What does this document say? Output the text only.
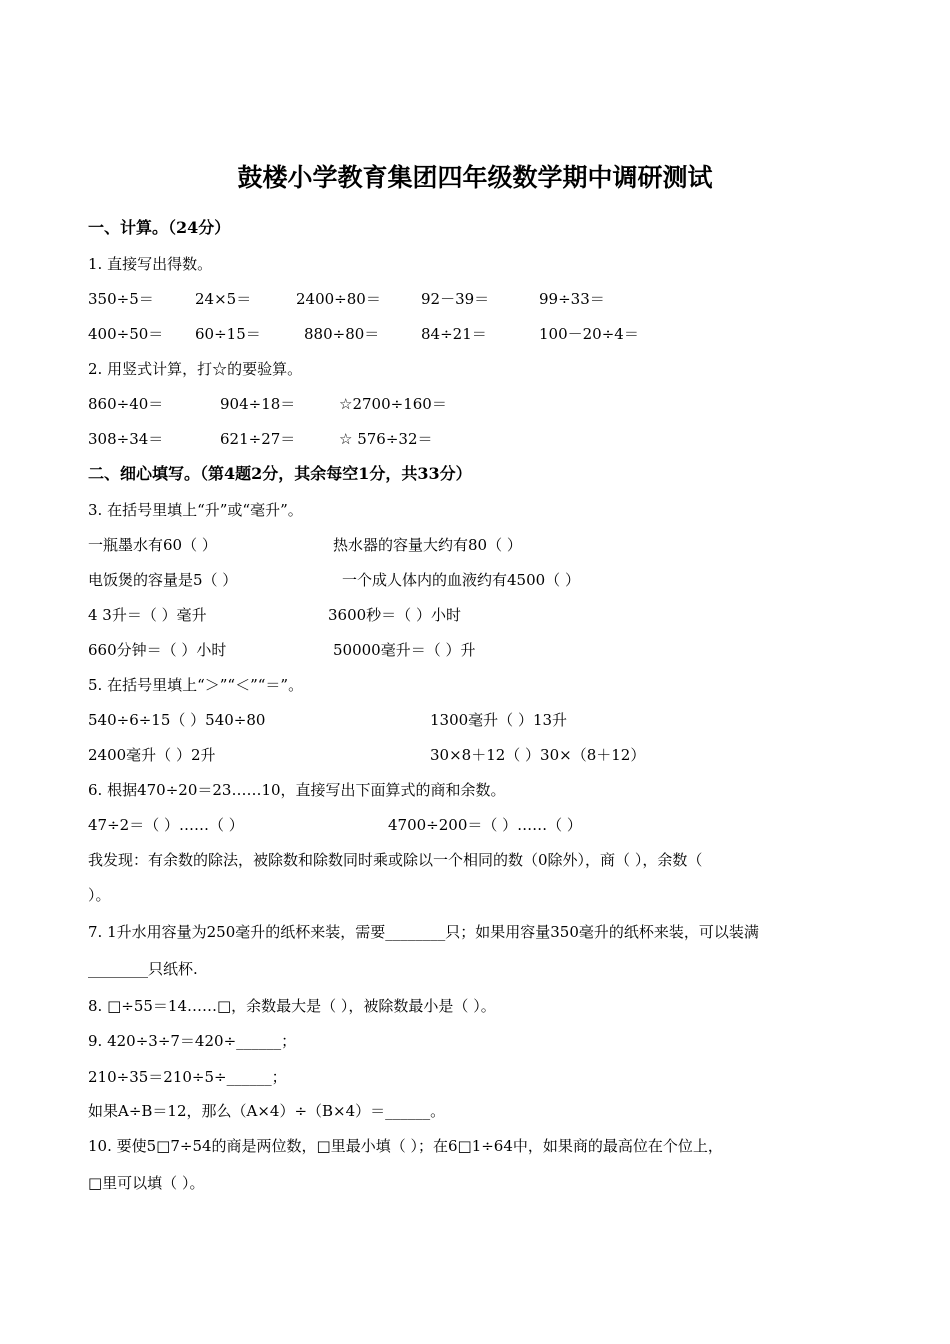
鼓楼小学教育集团四年级数学期中调研测试
一、计算。（24分）
1. 直接写出得数。
350÷5＝	24×5＝	2400÷80＝	92－39＝	99÷33＝
400÷50＝ 60÷15＝	880÷80＝	84÷21＝	100－20÷4＝
2. 用竖式计算，打☆的要验算。
860÷40＝	904÷18＝	☆2700÷160＝
308÷34＝	621÷27＝	☆ 576÷32＝
二、细心填写。（第4题2分，其余每空1分，共33分）
3. 在括号里填上“升”或“毫升”。
一瓶墨水有60（ ）	热水器的容量大约有80（ ）
电饭煲的容量是5（ ）	一个成人体内的血液约有4500（ ）
4 3升＝（ ）毫升	3600秒＝（ ）小时
660分钟＝（ ）小时	50000毫升＝（ ）升
5. 在括号里填上“＞”“＜”“＝”。
540÷6÷15（ ）540÷80	1300毫升（ ）13升
2400毫升（ ）2升	30×8＋12（ ）30×（8＋12）
6. 根据470÷20＝23……10，直接写出下面算式的商和余数。
47÷2＝（ ）……（ ）	4700÷200＝（ ）……（ ）
我发现：有余数的除法，被除数和除数同时乘或除以一个相同的数（0除外），商（ ），余数（
）。
7. 1升水用容量为250毫升的纸杯来装，需要________只；如果用容量350毫升的纸杯来装，可以装满
________只纸杯.
8. □÷55＝14……□，余数最大是（ ），被除数最小是（ ）。
9. 420÷3÷7＝420÷______；
210÷35＝210÷5÷______；
如果A÷B＝12，那么（A×4）÷（B×4）＝______。
10. 要使5□7÷54的商是两位数，□里最小填（ ）；在6□1÷64中，如果商的最高位在个位上，
□里可以填（ ）。
